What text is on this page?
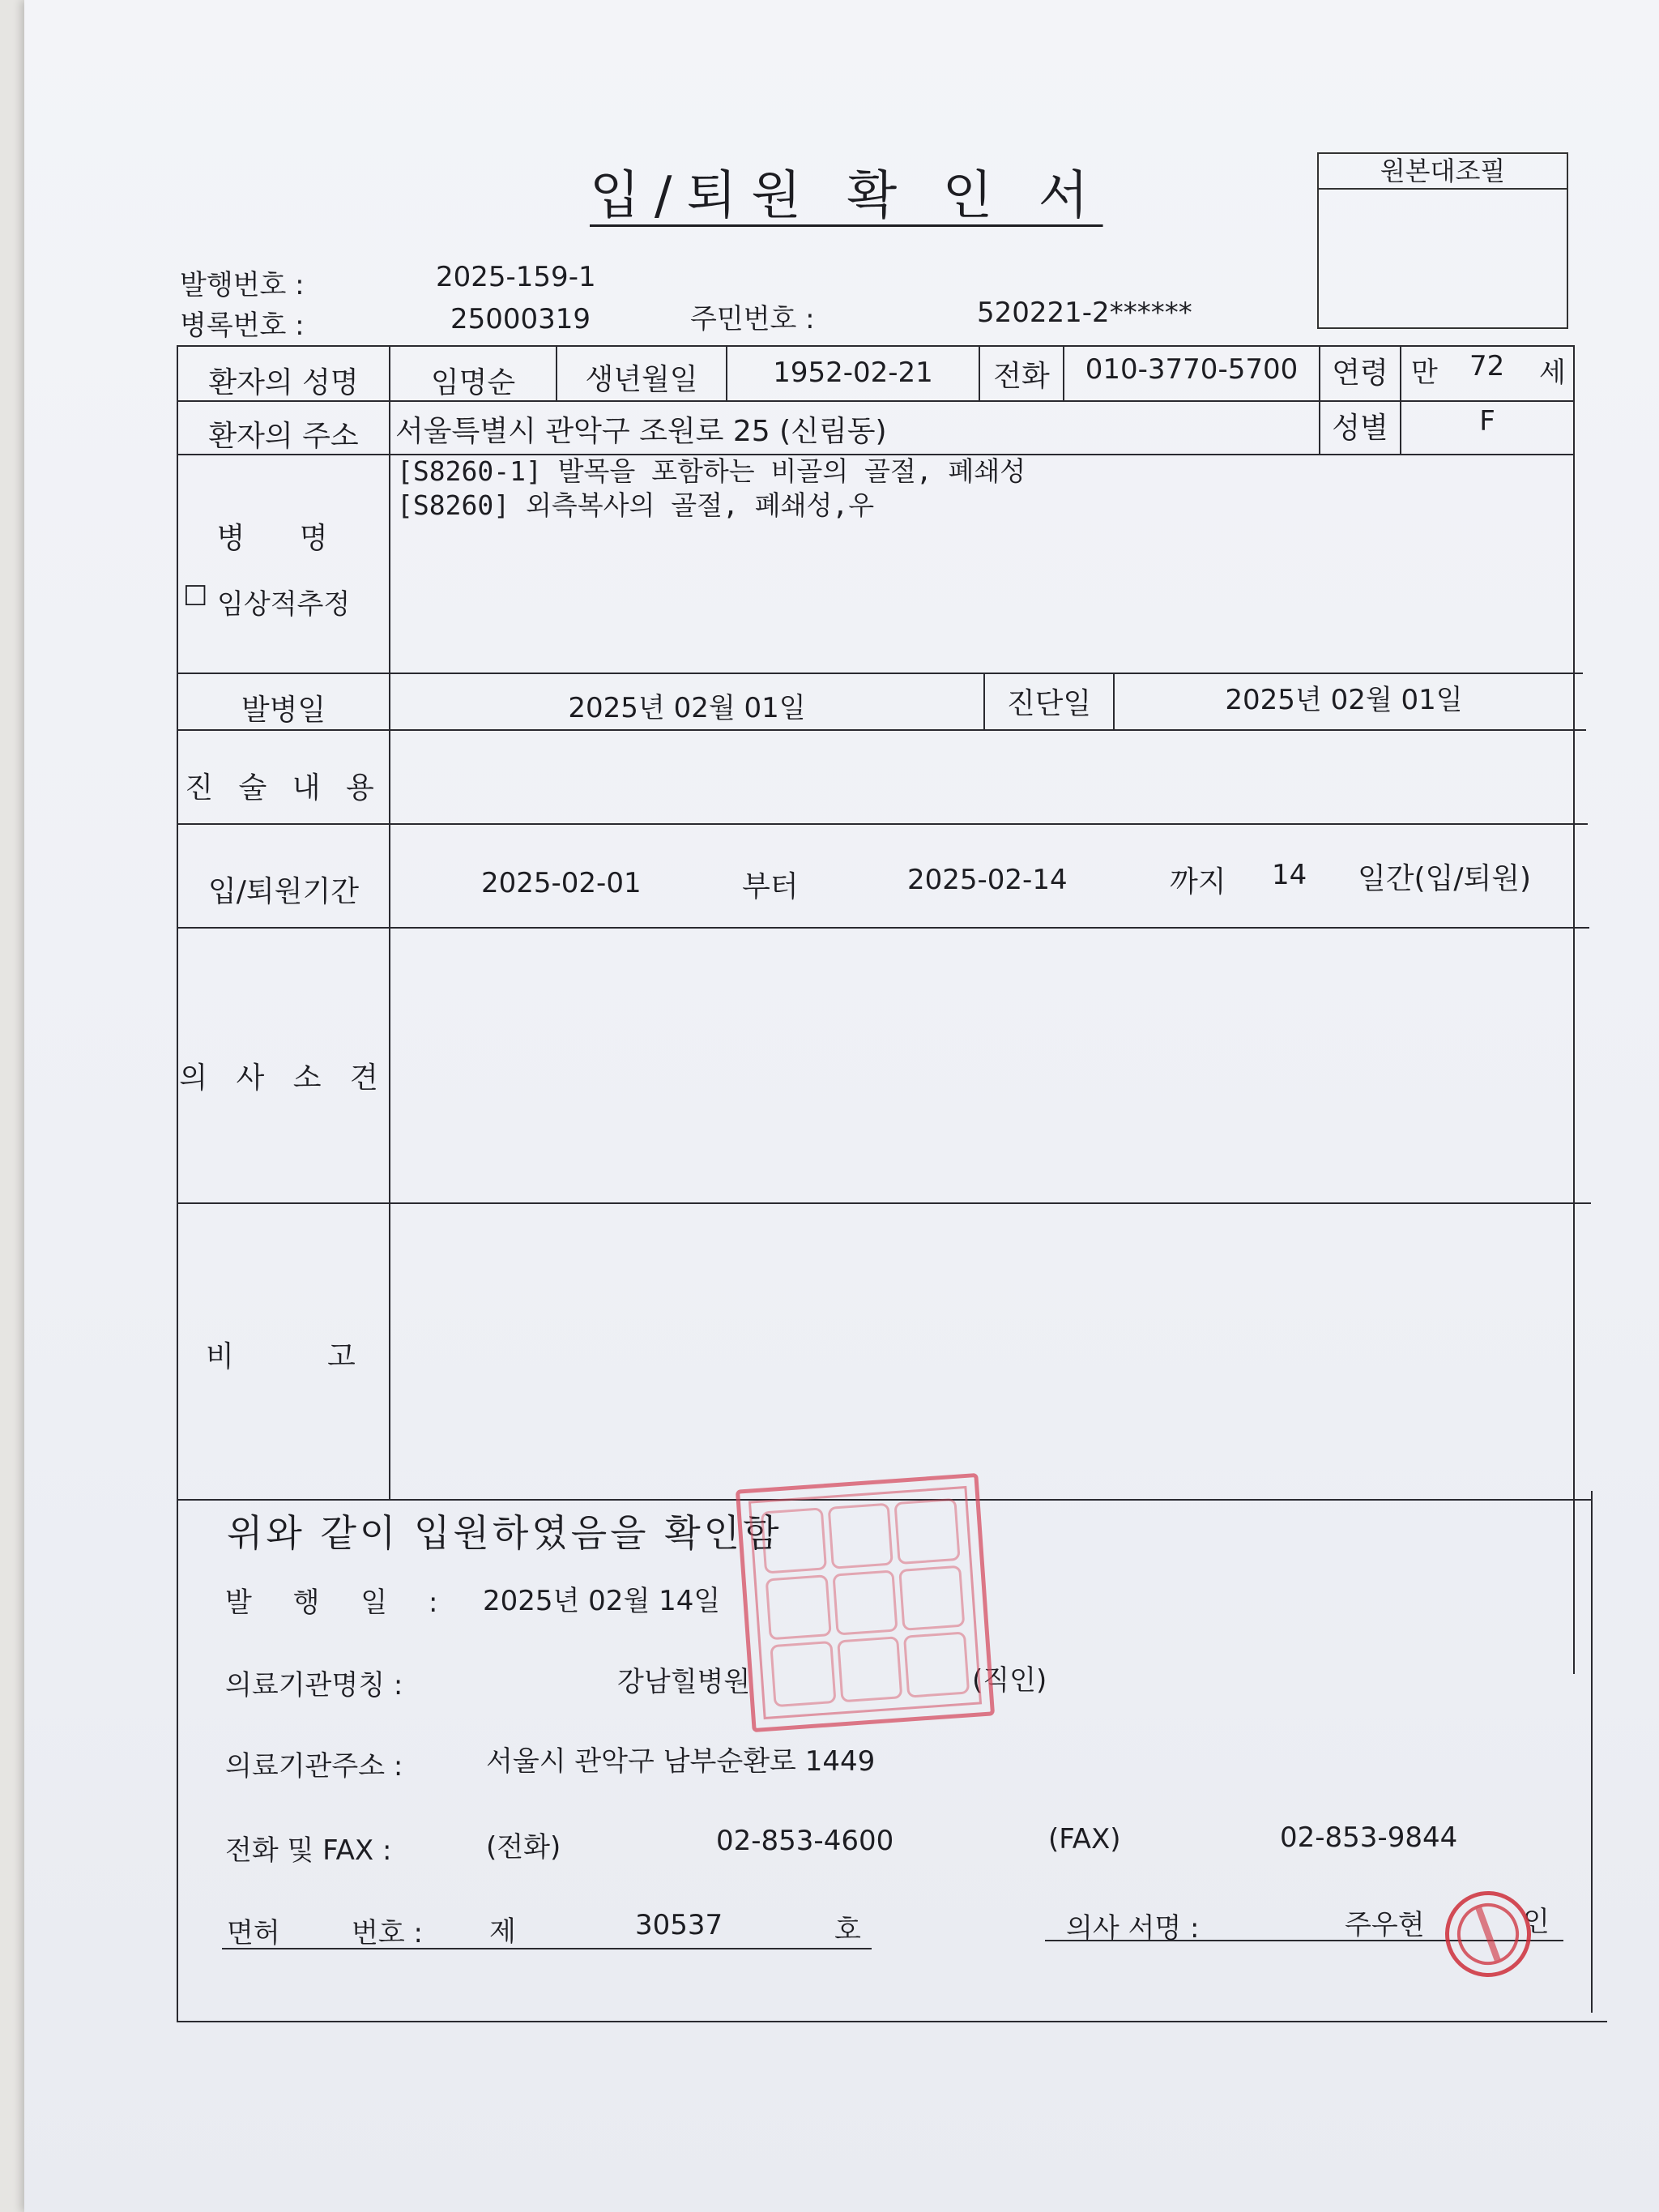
입/퇴원 확 인 서	원본대조필
발행번호 :	2025-159-1
병록번호 :	25000319	주민번호 :	520221-2******
환자의 성명	임명순	생년월일	1952-02-21	전화	010-3770-5700	연령 만 72 세
환자의 주소	서울특별시 관악구 조원로 25 (신림동)	성별	F
병 명
☐ 임상적추정
[S8260-1] 발목을 포함하는 비골의 골절, 폐쇄성
[S8260] 외측복사의 골절, 폐쇄성,우
발병일	2025년 02월 01일	진단일	2025년 02월 01일
진 술 내 용
입/퇴원기간	2025-02-01	부터	2025-02-14	까지 14 일간(입/퇴원)
의 사 소 견
비	고
위와 같이 입원하였음을 확인함
발 행 일 : 2025년 02월 14일
의료기관명칭 :	강남힐병원	(직인)
의료기관주소 :	서울시 관악구 남부순환로 1449
전화 및 FAX :	(전화)	02-853-4600	(FAX)	02-853-9844
면허	번호 : 제	30537	호	의사 서명 :	주우현	인
